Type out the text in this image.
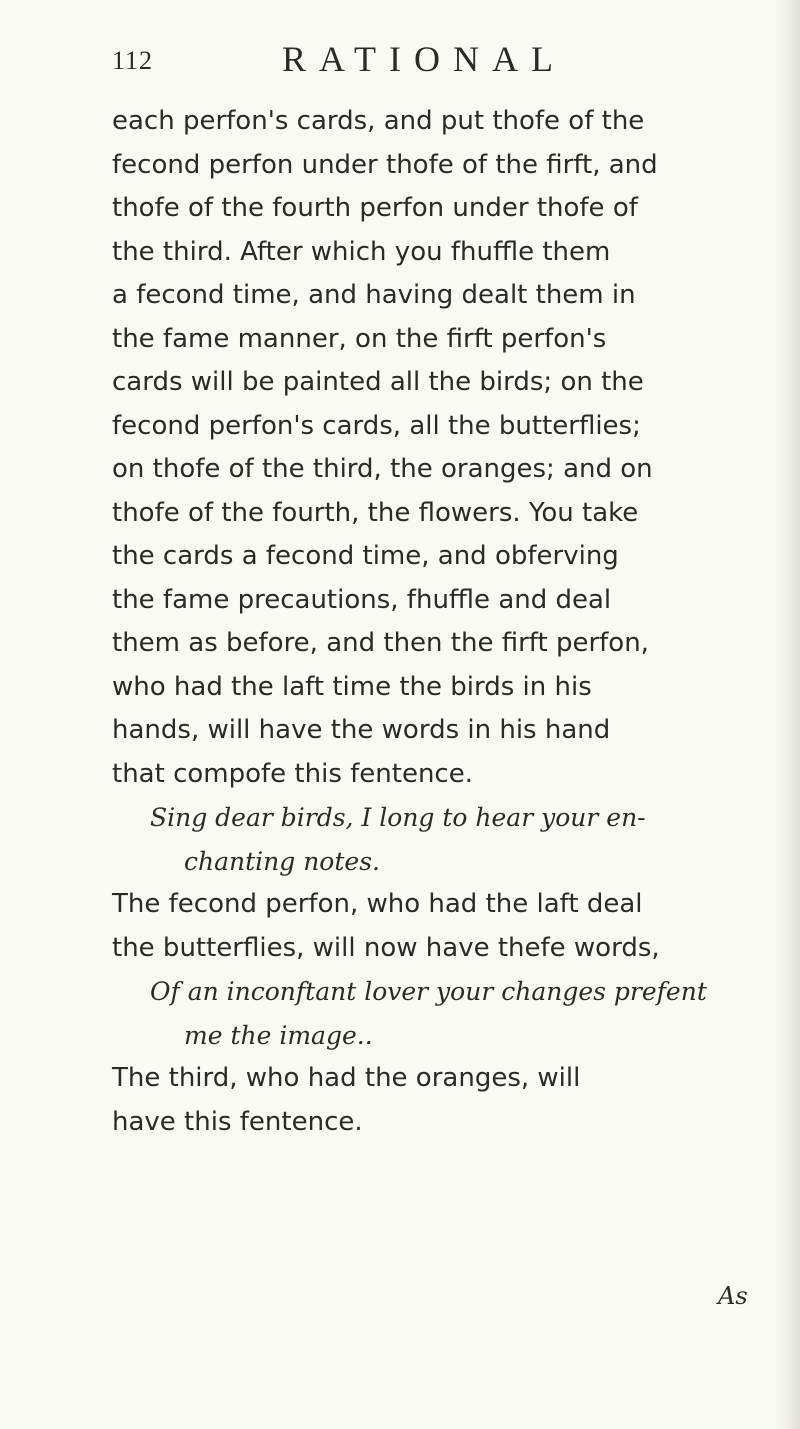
112	RATIONAL
each perfon's cards, and put thofe of the
fecond perfon under thofe of the firft, and
thofe of the fourth perfon under thofe of
the third. After which you fhuffle them
a fecond time, and having dealt them in
the fame manner, on the firft perfon's
cards will be painted all the birds; on the
fecond perfon's cards, all the butterflies;
on thofe of the third, the oranges; and on
thofe of the fourth, the flowers. You take
the cards a fecond time, and obferving
the fame precautions, fhuffle and deal
them as before, and then the firft perfon,
who had the laft time the birds in his
hands, will have the words in his hand
that compofe this fentence.
Sing dear birds, I long to hear your en-
chanting notes.
The fecond perfon, who had the laft deal
the butterflies, will now have thefe words,
Of an inconftant lover your changes prefent
me the image..
The third, who had the oranges, will
have this fentence.
As
